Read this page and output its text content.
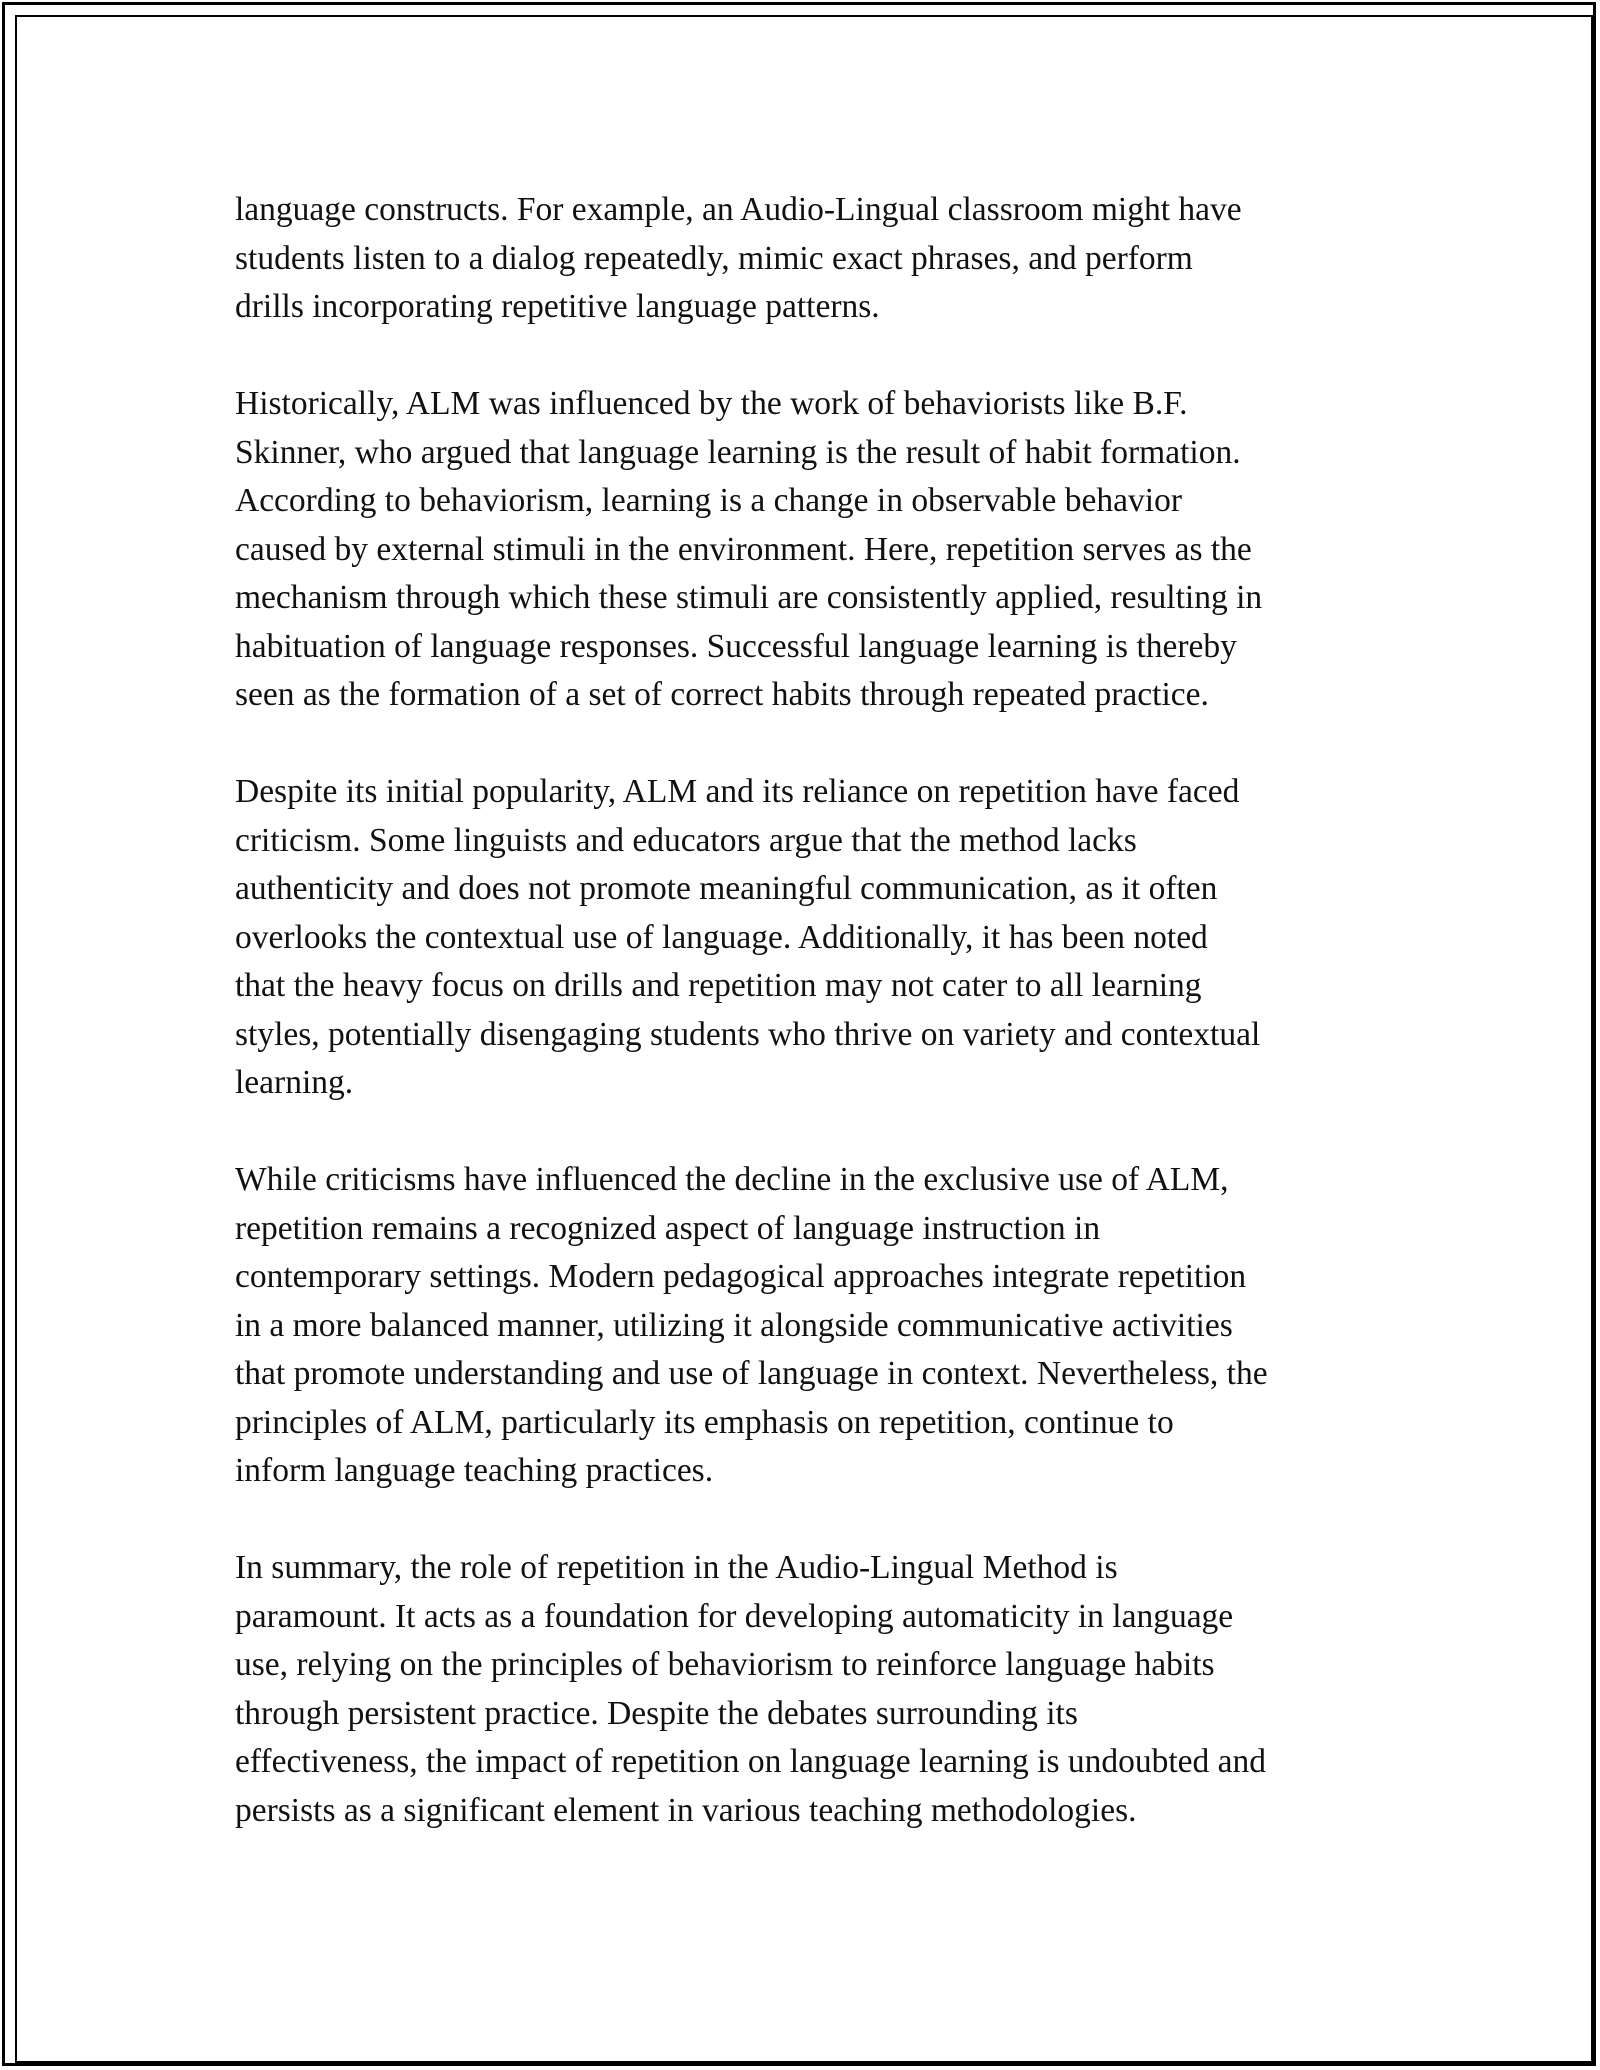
language constructs. For example, an Audio-Lingual classroom might have
students listen to a dialog repeatedly, mimic exact phrases, and perform
drills incorporating repetitive language patterns.

Historically, ALM was influenced by the work of behaviorists like B.F.
Skinner, who argued that language learning is the result of habit formation.
According to behaviorism, learning is a change in observable behavior
caused by external stimuli in the environment. Here, repetition serves as the
mechanism through which these stimuli are consistently applied, resulting in
habituation of language responses. Successful language learning is thereby
seen as the formation of a set of correct habits through repeated practice.

Despite its initial popularity, ALM and its reliance on repetition have faced
criticism. Some linguists and educators argue that the method lacks
authenticity and does not promote meaningful communication, as it often
overlooks the contextual use of language. Additionally, it has been noted
that the heavy focus on drills and repetition may not cater to all learning
styles, potentially disengaging students who thrive on variety and contextual
learning.

While criticisms have influenced the decline in the exclusive use of ALM,
repetition remains a recognized aspect of language instruction in
contemporary settings. Modern pedagogical approaches integrate repetition
in a more balanced manner, utilizing it alongside communicative activities
that promote understanding and use of language in context. Nevertheless, the
principles of ALM, particularly its emphasis on repetition, continue to
inform language teaching practices.

In summary, the role of repetition in the Audio-Lingual Method is
paramount. It acts as a foundation for developing automaticity in language
use, relying on the principles of behaviorism to reinforce language habits
through persistent practice. Despite the debates surrounding its
effectiveness, the impact of repetition on language learning is undoubted and
persists as a significant element in various teaching methodologies.
